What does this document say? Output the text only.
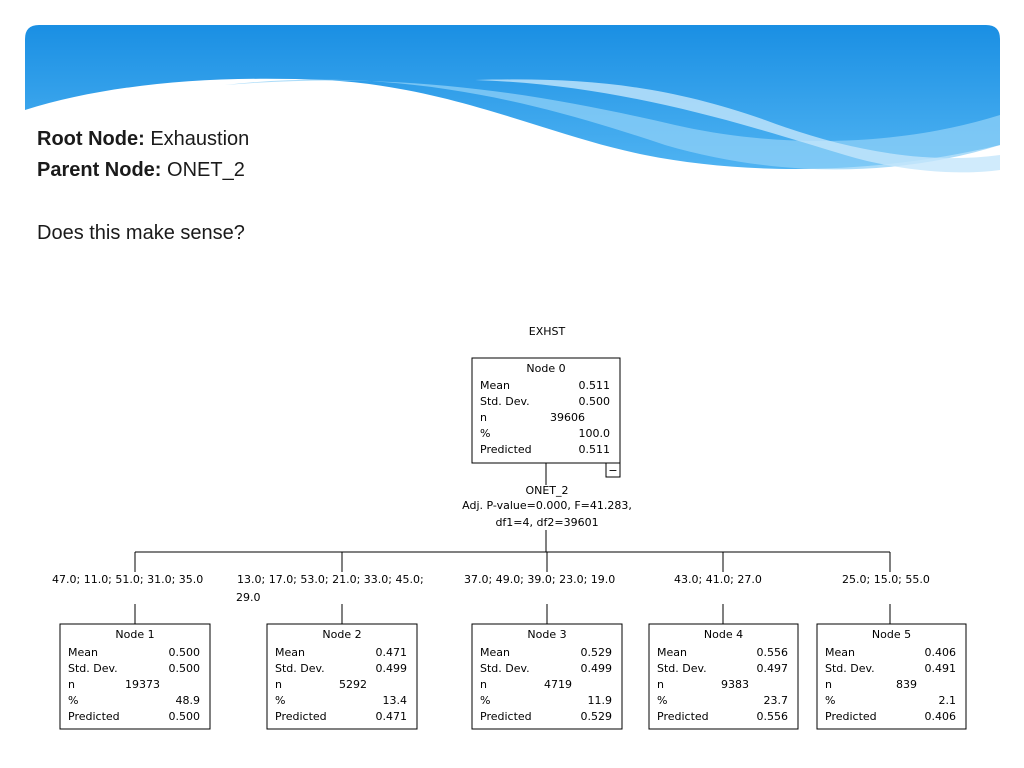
Root Node: Exhaustion
Parent Node: ONET_2
Does this make sense?
EXHST
Node 0
Mean	0.511
Std. Dev.	0.500
n	39606
%	100.0
Predicted	0.511
−
ONET_2
Adj. P-value=0.000, F=41.283,
df1=4, df2=39601
47.0; 11.0; 51.0; 31.0; 35.0	13.0; 17.0; 53.0; 21.0; 33.0; 45.0;	37.0; 49.0; 39.0; 23.0; 19.0	43.0; 41.0; 27.0	25.0; 15.0; 55.0
29.0
Node 1
Mean	0.500
Std. Dev.	0.500
n	19373
%	48.9
Predicted	0.500
Node 2
Mean	0.471
Std. Dev.	0.499
n	5292
%	13.4
Predicted	0.471
Node 3
Mean	0.529
Std. Dev.	0.499
n	4719
%	11.9
Predicted	0.529
Node 4
Mean	0.556
Std. Dev.	0.497
n	9383
%	23.7
Predicted	0.556
Node 5
Mean	0.406
Std. Dev.	0.491
n	839
%	2.1
Predicted	0.406
